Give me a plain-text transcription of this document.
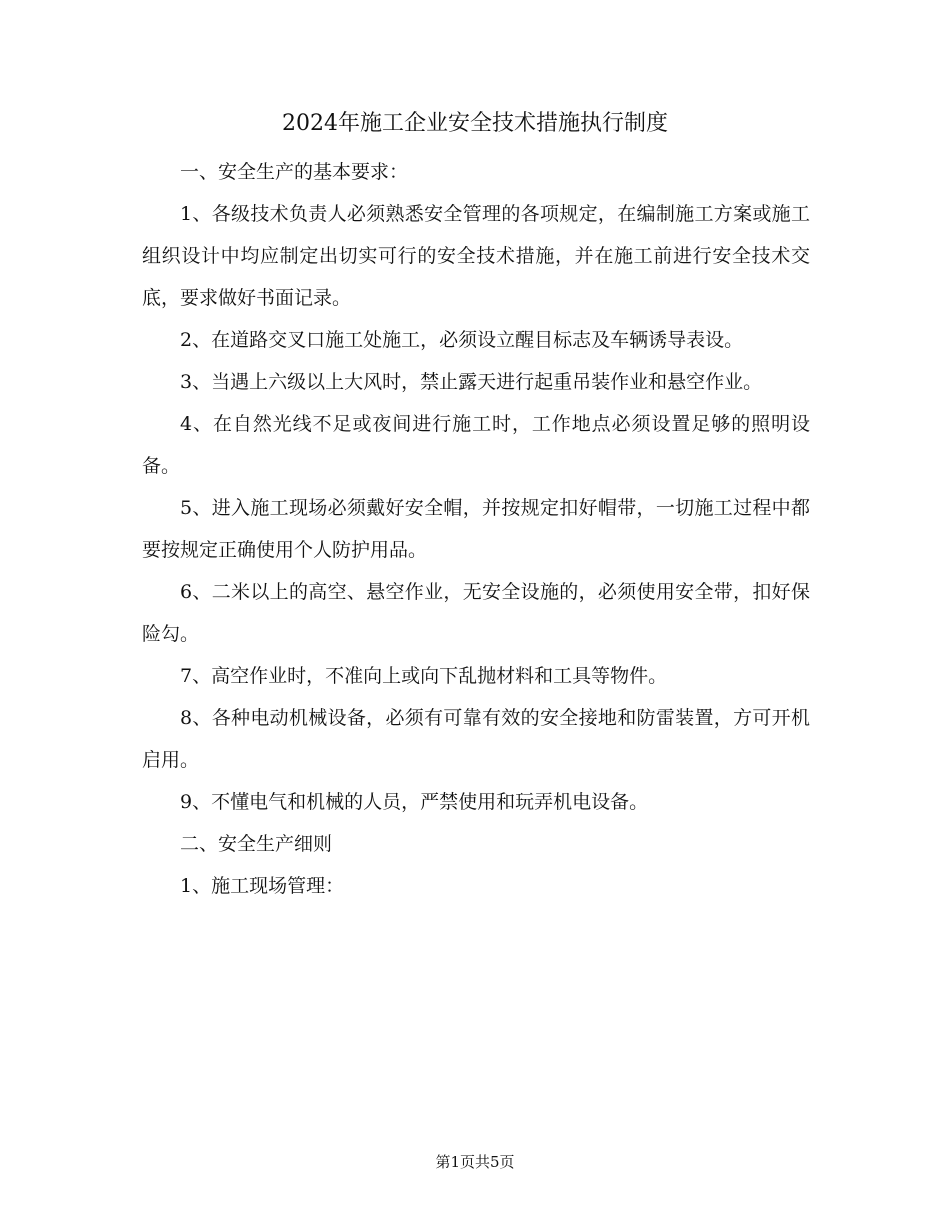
2024年施工企业安全技术措施执行制度

一、安全生产的基本要求：

1、各级技术负责人必须熟悉安全管理的各项规定，在编制施工方案或施工组织设计中均应制定出切实可行的安全技术措施，并在施工前进行安全技术交底，要求做好书面记录。

2、在道路交叉口施工处施工，必须设立醒目标志及车辆诱导表设。

3、当遇上六级以上大风时，禁止露天进行起重吊装作业和悬空作业。

4、在自然光线不足或夜间进行施工时，工作地点必须设置足够的照明设备。

5、进入施工现场必须戴好安全帽，并按规定扣好帽带，一切施工过程中都要按规定正确使用个人防护用品。

6、二米以上的高空、悬空作业，无安全设施的，必须使用安全带，扣好保险勾。

7、高空作业时，不准向上或向下乱抛材料和工具等物件。

8、各种电动机械设备，必须有可靠有效的安全接地和防雷装置，方可开机启用。

9、不懂电气和机械的人员，严禁使用和玩弄机电设备。

二、安全生产细则

1、施工现场管理：

第1页共5页
